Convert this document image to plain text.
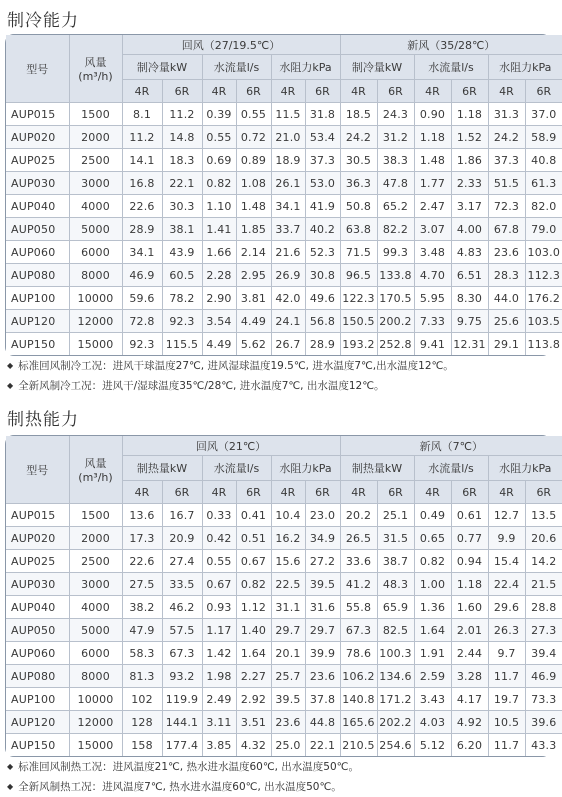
制冷能力
型号	风量
(m³/h)	回风（27/19.5℃）						新风（35/28℃）					
		制冷量kW		水流量l/s		水阻力kPa		制冷量kW		水流量l/s		水阻力kPa	
		4R	6R	4R	6R	4R	6R	4R	6R	4R	6R	4R	6R
AUP015	1500	8.1	11.2	0.39	0.55	11.5	31.8	18.5	24.3	0.90	1.18	31.3	37.0
AUP020	2000	11.2	14.8	0.55	0.72	21.0	53.4	24.2	31.2	1.18	1.52	24.2	58.9
AUP025	2500	14.1	18.3	0.69	0.89	18.9	37.3	30.5	38.3	1.48	1.86	37.3	40.8
AUP030	3000	16.8	22.1	0.82	1.08	26.1	53.0	36.3	47.8	1.77	2.33	51.5	61.3
AUP040	4000	22.6	30.3	1.10	1.48	34.1	41.9	50.8	65.2	2.47	3.17	72.3	82.0
AUP050	5000	28.9	38.1	1.41	1.85	33.7	40.2	63.8	82.2	3.07	4.00	67.8	79.0
AUP060	6000	34.1	43.9	1.66	2.14	21.6	52.3	71.5	99.3	3.48	4.83	23.6	103.0
AUP080	8000	46.9	60.5	2.28	2.95	26.9	30.8	96.5	133.8	4.70	6.51	28.3	112.3
AUP100	10000	59.6	78.2	2.90	3.81	42.0	49.6	122.3	170.5	5.95	8.30	44.0	176.2
AUP120	12000	72.8	92.3	3.54	4.49	24.1	56.8	150.5	200.2	7.33	9.75	25.6	103.5
AUP150	15000	92.3	115.5	4.49	5.62	26.7	28.9	193.2	252.8	9.41	12.31	29.1	113.8
◆ 标准回风制冷工况：进风干球温度27℃, 进风湿球温度19.5℃, 进水温度7℃,出水温度12℃。
◆ 全新风制冷工况：进风干/湿球温度35℃/28℃, 进水温度7℃, 出水温度12℃。
制热能力
型号	风量
(m³/h)	回风（21℃）						新风（7℃）					
		制热量kW		水流量l/s		水阻力kPa		制热量kW		水流量l/s		水阻力kPa	
		4R	6R	4R	6R	4R	6R	4R	6R	4R	6R	4R	6R
AUP015	1500	13.6	16.7	0.33	0.41	10.4	23.0	20.2	25.1	0.49	0.61	12.7	13.5
AUP020	2000	17.3	20.9	0.42	0.51	16.2	34.9	26.5	31.5	0.65	0.77	9.9	20.6
AUP025	2500	22.6	27.4	0.55	0.67	15.6	27.2	33.6	38.7	0.82	0.94	15.4	14.2
AUP030	3000	27.5	33.5	0.67	0.82	22.5	39.5	41.2	48.3	1.00	1.18	22.4	21.5
AUP040	4000	38.2	46.2	0.93	1.12	31.1	31.6	55.8	65.9	1.36	1.60	29.6	28.8
AUP050	5000	47.9	57.5	1.17	1.40	29.7	29.7	67.3	82.5	1.64	2.01	26.3	27.3
AUP060	6000	58.3	67.3	1.42	1.64	20.1	39.9	78.6	100.3	1.91	2.44	9.7	39.4
AUP080	8000	81.3	93.2	1.98	2.27	25.7	23.6	106.2	134.6	2.59	3.28	11.7	46.9
AUP100	10000	102	119.9	2.49	2.92	39.5	37.8	140.8	171.2	3.43	4.17	19.7	73.3
AUP120	12000	128	144.1	3.11	3.51	23.6	44.8	165.6	202.2	4.03	4.92	10.5	39.6
AUP150	15000	158	177.4	3.85	4.32	25.0	22.1	210.5	254.6	5.12	6.20	11.7	43.3
◆ 标准回风制热工况：进风温度21℃, 热水进水温度60℃, 出水温度50℃。
◆ 全新风制热工况：进风温度7℃, 热水进水温度60℃, 出水温度50℃。
